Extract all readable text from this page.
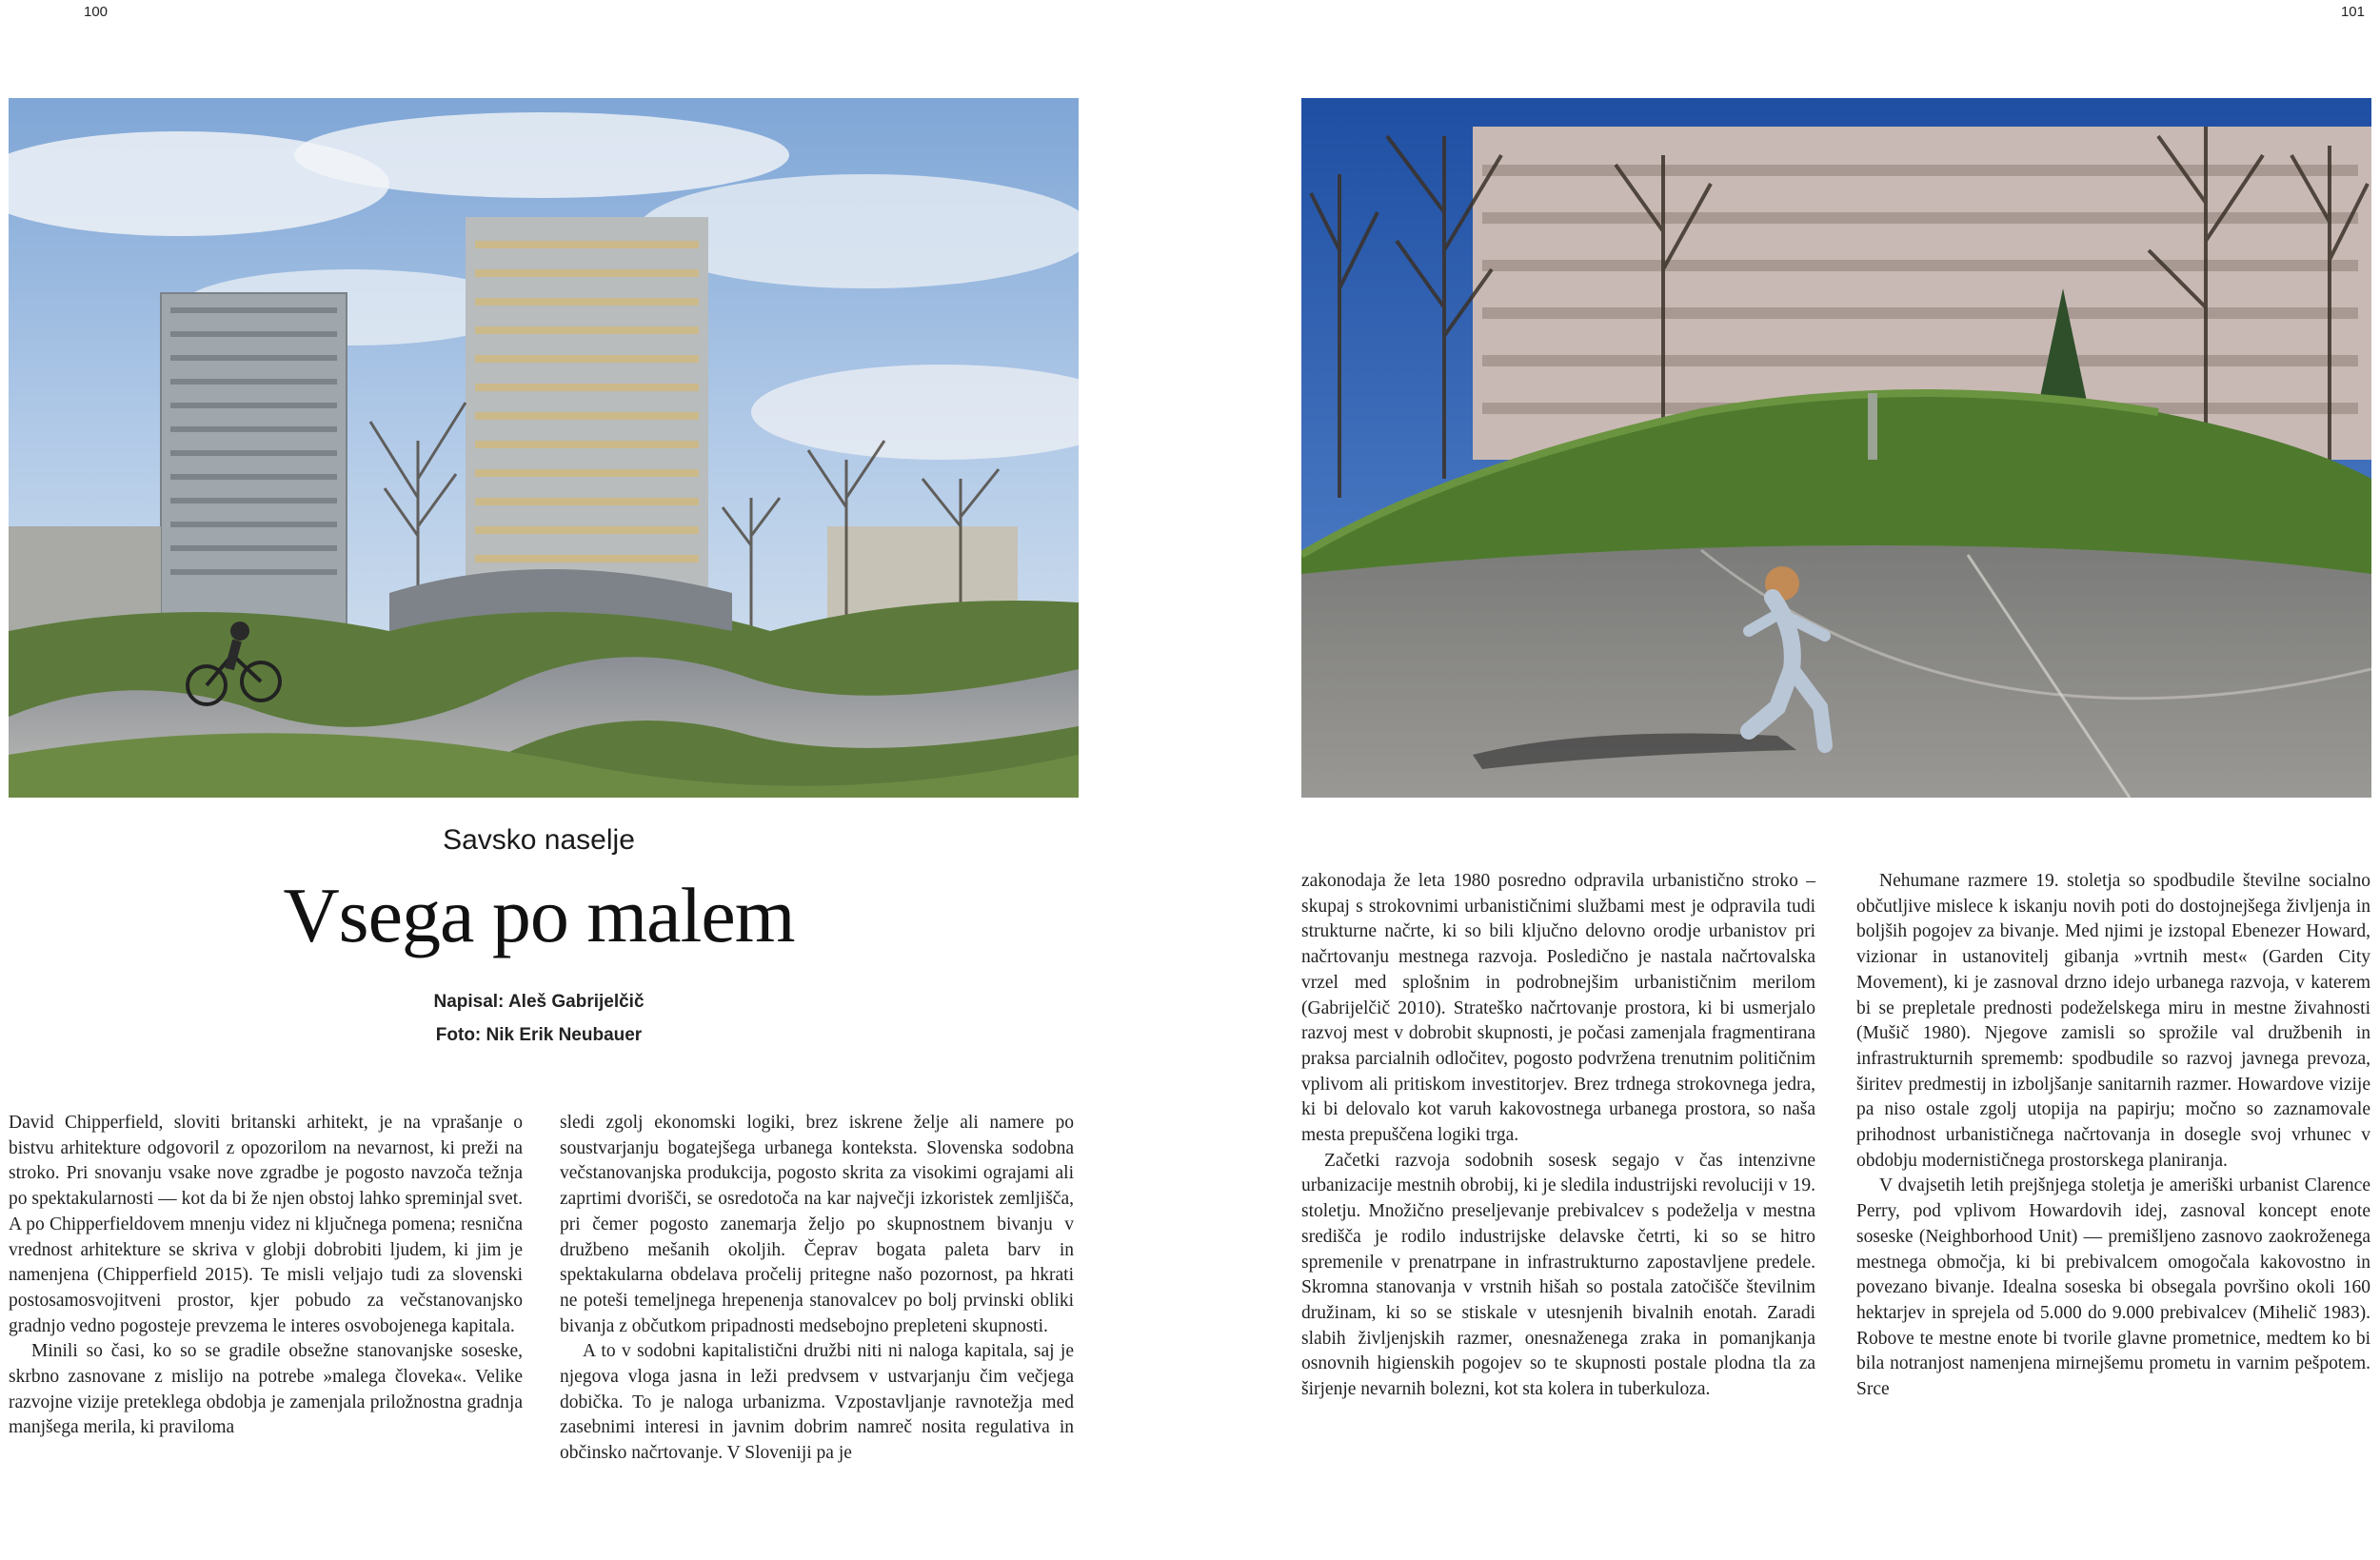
100	101
Savsko naselje
Vsega po malem
Napisal: Aleš Gabrijelčič
Foto: Nik Erik Neubauer

David Chipperfield, sloviti britanski arhitekt, je na vprašanje o bistvu arhitekture odgovoril z opozorilom na nevarnost, ki preži na stroko. Pri snovanju vsake nove zgradbe je pogosto navzoča težnja po spektakularnosti — kot da bi že njen obstoj lahko spreminjal svet. A po Chipperfieldovem mnenju videz ni ključnega pomena; resnična vrednost arhitekture se skriva v globji dobrobiti ljudem, ki jim je namenjena (Chipperfield 2015). Te misli veljajo tudi za slovenski postosamosvojitveni prostor, kjer pobudo za večstanovanjsko gradnjo vedno pogosteje prevzema le interes osvobojenega kapitala.

Minili so časi, ko so se gradile obsežne stanovanjske soseske, skrbno zasnovane z mislijo na potrebe »malega človeka«. Velike razvojne vizije preteklega obdobja je zamenjala priložnostna gradnja manjšega merila, ki praviloma

sledi zgolj ekonomski logiki, brez iskrene želje ali namere po soustvarjanju bogatejšega urbanega konteksta. Slovenska sodobna večstanovanjska produkcija, pogosto skrita za visokimi ograjami ali zaprtimi dvorišči, se osredotoča na kar največji izkoristek zemljišča, pri čemer pogosto zanemarja željo po skupnostnem bivanju v družbeno mešanih okoljih. Čeprav bogata paleta barv in spektakularna obdelava pročelij pritegne našo pozornost, pa hkrati ne poteši temeljnega hrepenenja stanovalcev po bolj prvinski obliki bivanja z občutkom pripadnosti medsebojno prepleteni skupnosti.

A to v sodobni kapitalistični družbi niti ni naloga kapitala, saj je njegova vloga jasna in leži predvsem v ustvarjanju čim večjega dobička. To je naloga urbanizma. Vzpostavljanje ravnotežja med zasebnimi interesi in javnim dobrim namreč nosita regulativa in občinsko načrtovanje. V Sloveniji pa je

zakonodaja že leta 1980 posredno odpravila urbanistično stroko – skupaj s strokovnimi urbanističnimi službami mest je odpravila tudi strukturne načrte, ki so bili ključno delovno orodje urbanistov pri načrtovanju mestnega razvoja. Posledično je nastala načrtovalska vrzel med splošnim in podrobnejšim urbanističnim merilom (Gabrijelčič 2010). Strateško načrtovanje prostora, ki bi usmerjalo razvoj mest v dobrobit skupnosti, je počasi zamenjala fragmentirana praksa parcialnih odločitev, pogosto podvržena trenutnim političnim vplivom ali pritiskom investitorjev. Brez trdnega strokovnega jedra, ki bi delovalo kot varuh kakovostnega urbanega prostora, so naša mesta prepuščena logiki trga.

Začetki razvoja sodobnih sosesk segajo v čas intenzivne urbanizacije mestnih obrobij, ki je sledila industrijski revoluciji v 19. stoletju. Množično preseljevanje prebivalcev s podeželja v mestna središča je rodilo industrijske delavske četrti, ki so se hitro spremenile v prenatrpane in infrastrukturno zapostavljene predele. Skromna stanovanja v vrstnih hišah so postala zatočišče številnim družinam, ki so se stiskale v utesnjenih bivalnih enotah. Zaradi slabih življenjskih razmer, onesnaženega zraka in pomanjkanja osnovnih higienskih pogojev so te skupnosti postale plodna tla za širjenje nevarnih bolezni, kot sta kolera in tuberkuloza.

Nehumane razmere 19. stoletja so spodbudile številne socialno občutljive mislece k iskanju novih poti do dostojnejšega življenja in boljših pogojev za bivanje. Med njimi je izstopal Ebenezer Howard, vizionar in ustanovitelj gibanja »vrtnih mest« (Garden City Movement), ki je zasnoval drzno idejo urbanega razvoja, v katerem bi se prepletale prednosti podeželskega miru in mestne živahnosti (Mušič 1980). Njegove zamisli so sprožile val družbenih in infrastrukturnih sprememb: spodbudile so razvoj javnega prevoza, širitev predmestij in izboljšanje sanitarnih razmer. Howardove vizije pa niso ostale zgolj utopija na papirju; močno so zaznamovale prihodnost urbanističnega načrtovanja in dosegle svoj vrhunec v obdobju modernističnega prostorskega planiranja.

V dvajsetih letih prejšnjega stoletja je ameriški urbanist Clarence Perry, pod vplivom Howardovih idej, zasnoval koncept enote soseske (Neighborhood Unit) — premišljeno zasnovo zaokroženega mestnega območja, ki bi prebivalcem omogočala kakovostno in povezano bivanje. Idealna soseska bi obsegala površino okoli 160 hektarjev in sprejela od 5.000 do 9.000 prebivalcev (Mihelič 1983). Robove te mestne enote bi tvorile glavne prometnice, medtem ko bi bila notranjost namenjena mirnejšemu prometu in varnim pešpotem. Srce
